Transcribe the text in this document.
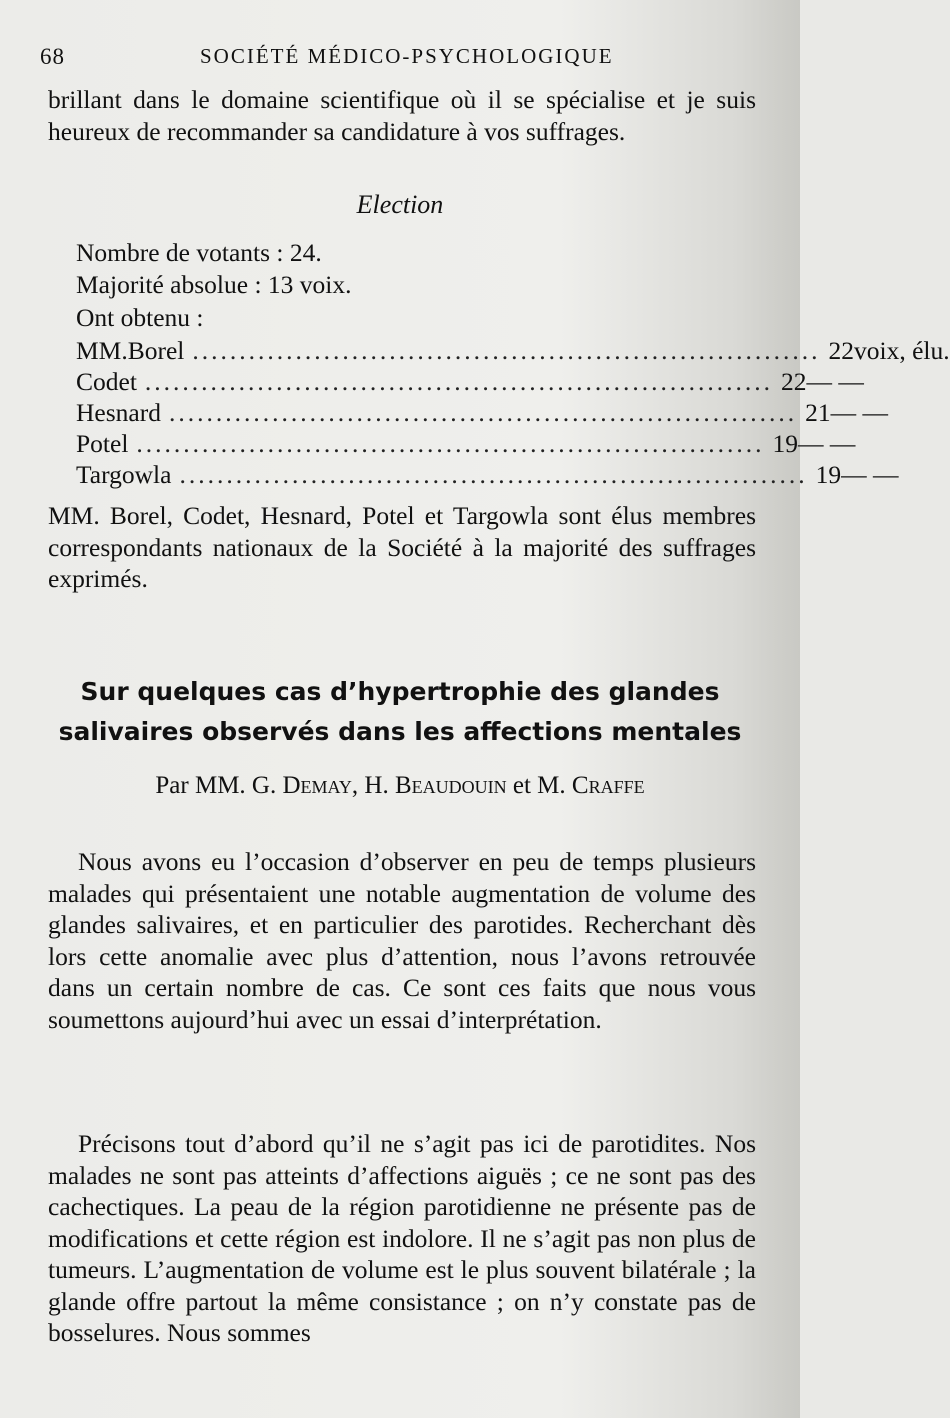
68	SOCIÉTÉ MÉDICO-PSYCHOLOGIQUE
brillant dans le domaine scientifique où il se spécialise et je suis heureux de recommander sa candidature à vos suffrages.
Election
Nombre de votants : 24.
Majorité absolue : 13 voix.
Ont obtenu :
MM. Borel ................................................................... 22 voix, élu.
Codet ................................................................... 22 — —
Hesnard ................................................................... 21 — —
Potel ................................................................... 19 — —
Targowla ................................................................... 19 — —
MM. Borel, Codet, Hesnard, Potel et Targowla sont élus membres correspondants nationaux de la Société à la majorité des suffrages exprimés.
Sur quelques cas d’hypertrophie des glandes
salivaires observés dans les affections mentales
Par MM. G. Demay, H. Beaudouin et M. Craffe
Nous avons eu l’occasion d’observer en peu de temps plusieurs malades qui présentaient une notable augmentation de volume des glandes salivaires, et en particulier des parotides. Recherchant dès lors cette anomalie avec plus d’attention, nous l’avons retrouvée dans un certain nombre de cas. Ce sont ces faits que nous vous soumettons aujourd’hui avec un essai d’interprétation.
Précisons tout d’abord qu’il ne s’agit pas ici de parotidites. Nos malades ne sont pas atteints d’affections aiguës ; ce ne sont pas des cachectiques. La peau de la région parotidienne ne présente pas de modifications et cette région est indolore. Il ne s’agit pas non plus de tumeurs. L’augmentation de volume est le plus souvent bilatérale ; la glande offre partout la même consistance ; on n’y constate pas de bosselures. Nous sommes
